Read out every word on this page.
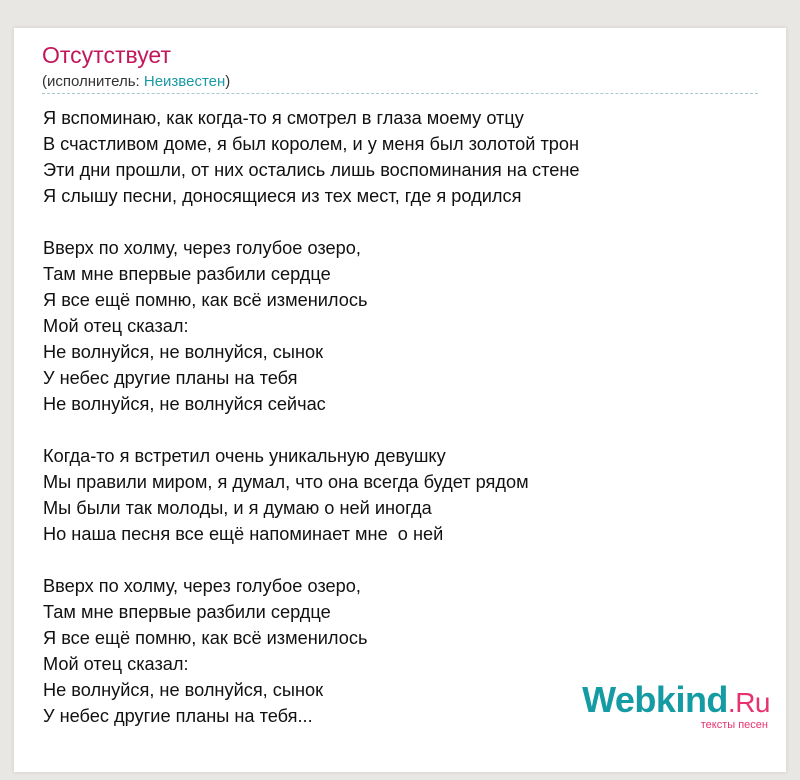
Отсутствует
(исполнитель: Неизвестен)
Я вспоминаю, как когда-то я смотрел в глаза моему отцу
В счастливом доме, я был королем, и у меня был золотой трон
Эти дни прошли, от них остались лишь воспоминания на стене
Я слышу песни, доносящиеся из тех мест, где я родился
Вверх по холму, через голубое озеро,
Там мне впервые разбили сердце
Я все ещё помню, как всё изменилось
Мой отец сказал:
Не волнуйся, не волнуйся, сынок
У небес другие планы на тебя
Не волнуйся, не волнуйся сейчас
Когда-то я встретил очень уникальную девушку
Мы правили миром, я думал, что она всегда будет рядом
Мы были так молоды, и я думаю о ней иногда
Но наша песня все ещё напоминает мне  о ней
Вверх по холму, через голубое озеро,
Там мне впервые разбили сердце
Я все ещё помню, как всё изменилось
Мой отец сказал:
Не волнуйся, не волнуйся, сынок
У небес другие планы на тебя...	Webkind.Ru
тексты песен
